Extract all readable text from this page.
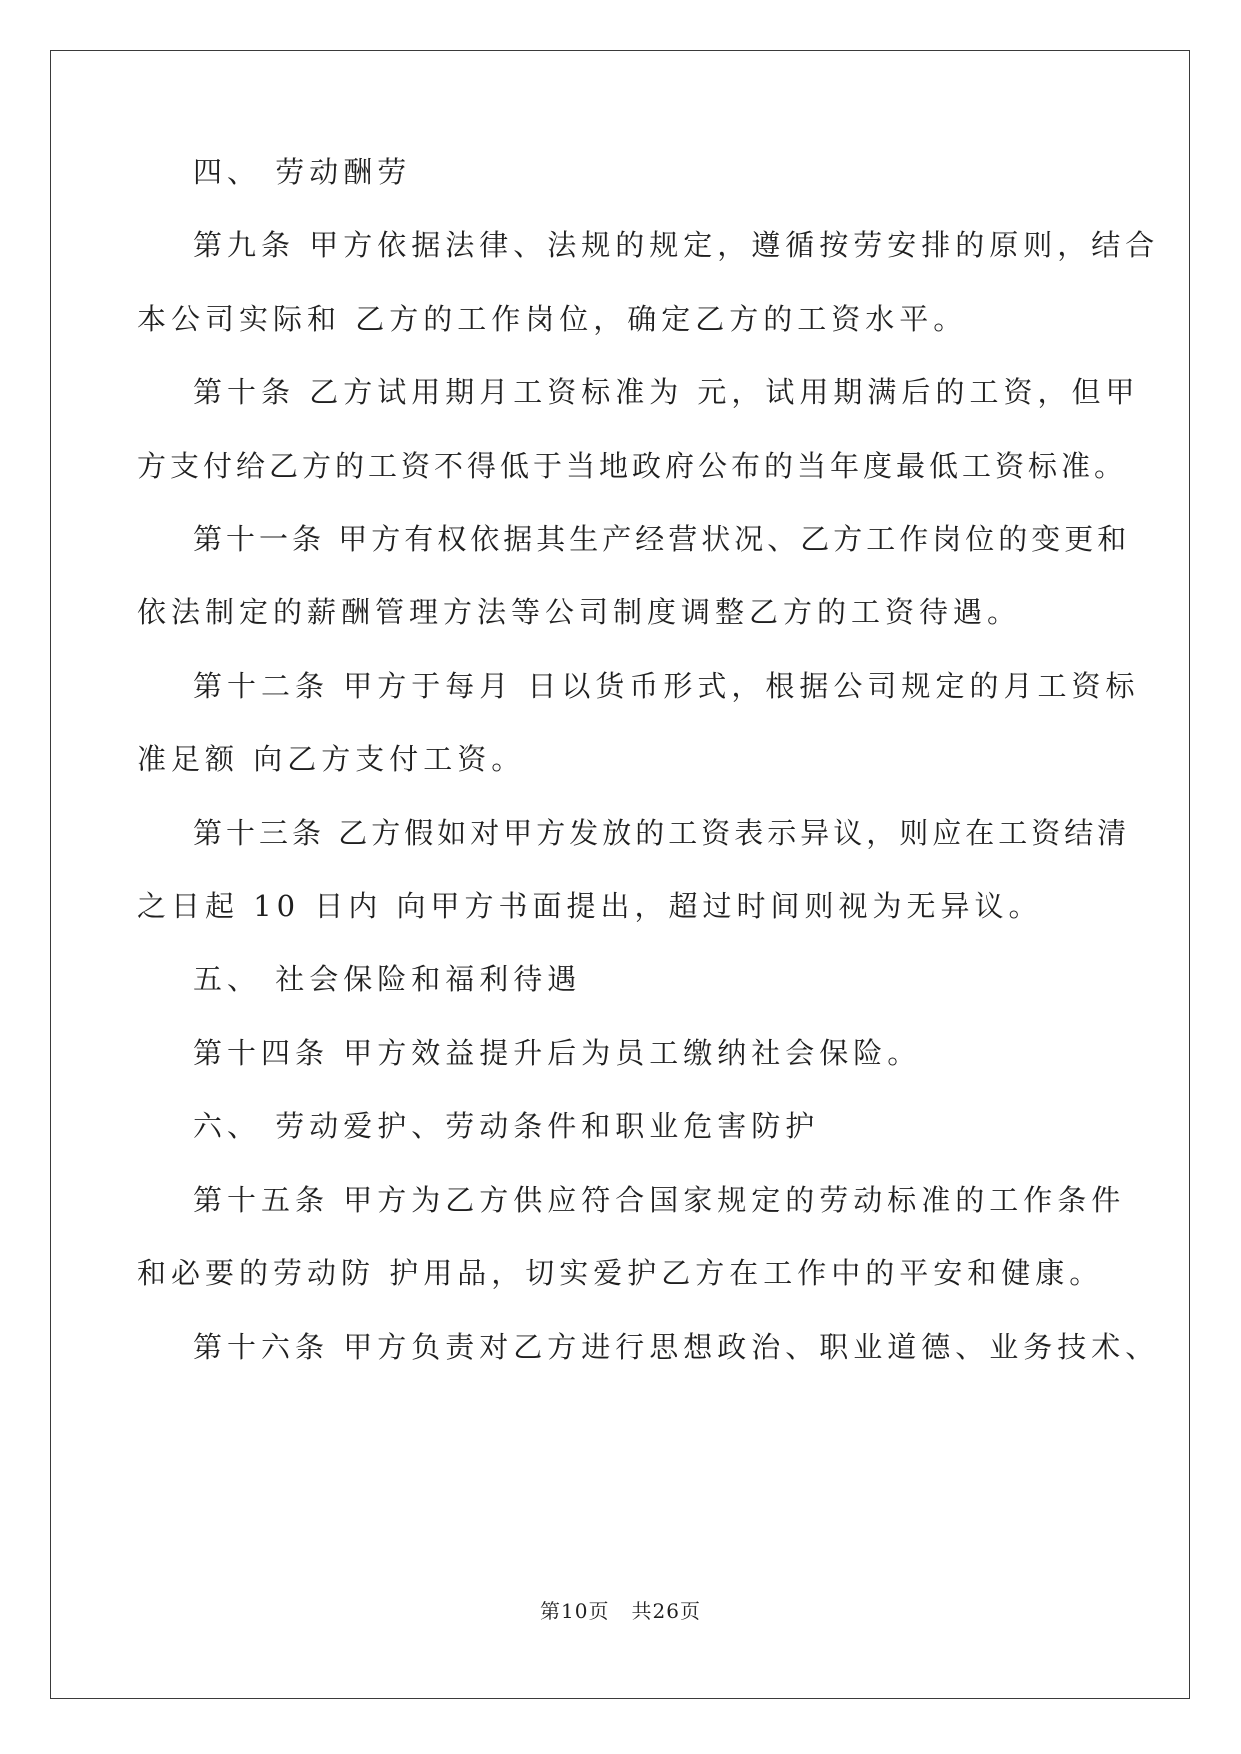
四、 劳动酬劳

第九条 甲方依据法律、法规的规定，遵循按劳安排的原则，结合

本公司实际和 乙方的工作岗位，确定乙方的工资水平。

第十条 乙方试用期月工资标准为 元，试用期满后的工资，但甲

方支付给乙方的工资不得低于当地政府公布的当年度最低工资标准。

第十一条 甲方有权依据其生产经营状况、乙方工作岗位的变更和

依法制定的薪酬管理方法等公司制度调整乙方的工资待遇。

第十二条 甲方于每月 日以货币形式，根据公司规定的月工资标

准足额 向乙方支付工资。

第十三条 乙方假如对甲方发放的工资表示异议，则应在工资结清

之日起 10 日内 向甲方书面提出，超过时间则视为无异议。

五、 社会保险和福利待遇

第十四条 甲方效益提升后为员工缴纳社会保险。

六、 劳动爱护、劳动条件和职业危害防护

第十五条 甲方为乙方供应符合国家规定的劳动标准的工作条件

和必要的劳动防 护用品，切实爱护乙方在工作中的平安和健康。

第十六条 甲方负责对乙方进行思想政治、职业道德、业务技术、

第10页 共26页
